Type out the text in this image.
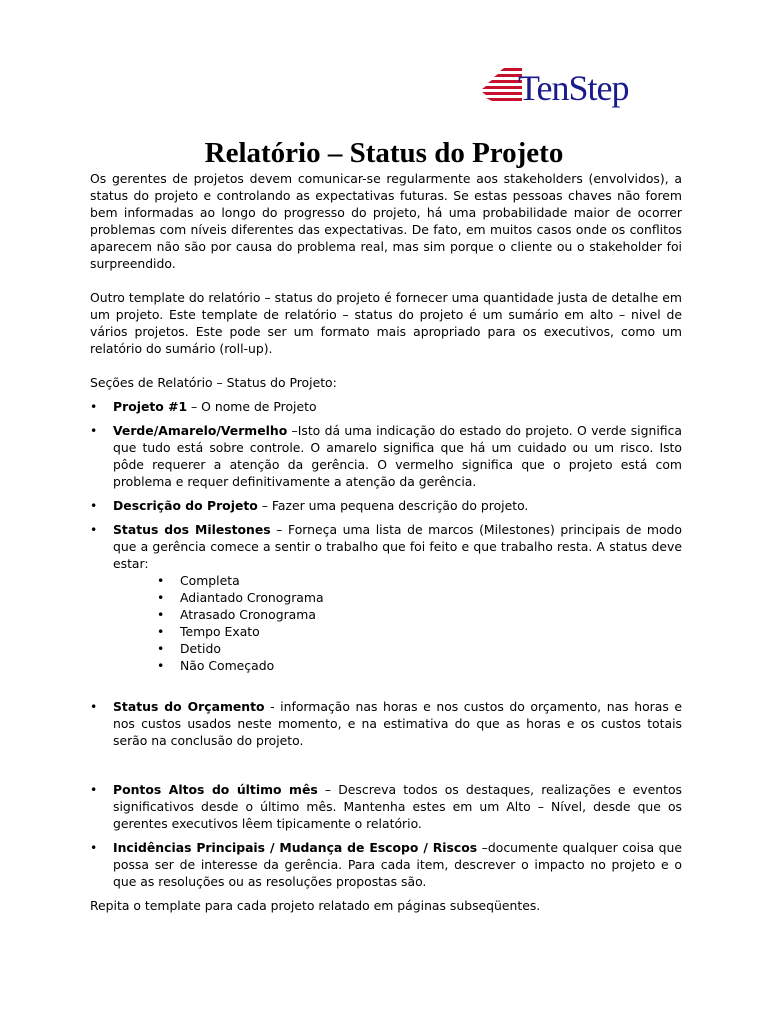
TenStep
Relatório – Status do Projeto

Os gerentes de projetos devem comunicar-se regularmente aos stakeholders (envolvidos), a status do projeto e controlando as expectativas futuras. Se estas pessoas chaves não forem bem informadas ao longo do progresso do projeto, há uma probabilidade maior de ocorrer problemas com níveis diferentes das expectativas. De fato, em muitos casos onde os conflitos aparecem não são por causa do problema real, mas sim porque o cliente ou o stakeholder foi surpreendido.

Outro template do relatório – status do projeto é fornecer uma quantidade justa de detalhe em um projeto. Este template de relatório – status do projeto é um sumário em alto – nivel de vários projetos. Este pode ser um formato mais apropriado para os executivos, como um relatório do sumário (roll-up).

Seções de Relatório – Status do Projeto:

• Projeto #1 – O nome de Projeto
• Verde/Amarelo/Vermelho –Isto dá uma indicação do estado do projeto. O verde significa que tudo está sobre controle. O amarelo significa que há um cuidado ou um risco. Isto pôde requerer a atenção da gerência. O vermelho significa que o projeto está com problema e requer definitivamente a atenção da gerência.
• Descrição do Projeto – Fazer uma pequena descrição do projeto.
• Status dos Milestones – Forneça uma lista de marcos (Milestones) principais de modo que a gerência comece a sentir o trabalho que foi feito e que trabalho resta. A status deve estar:
• Completa
• Adiantado Cronograma
• Atrasado Cronograma
• Tempo Exato
• Detido
• Não Começado
• Status do Orçamento - informação nas horas e nos custos do orçamento, nas horas e nos custos usados neste momento, e na estimativa do que as horas e os custos totais serão na conclusão do projeto.
• Pontos Altos do último mês – Descreva todos os destaques, realizações e eventos significativos desde o último mês. Mantenha estes em um Alto – Nível, desde que os gerentes executivos lêem tipicamente o relatório.
• Incidências Principais / Mudança de Escopo / Riscos –documente qualquer coisa que possa ser de interesse da gerência. Para cada item, descrever o impacto no projeto e o que as resoluções ou as resoluções propostas são.

Repita o template para cada projeto relatado em páginas subseqüentes.
